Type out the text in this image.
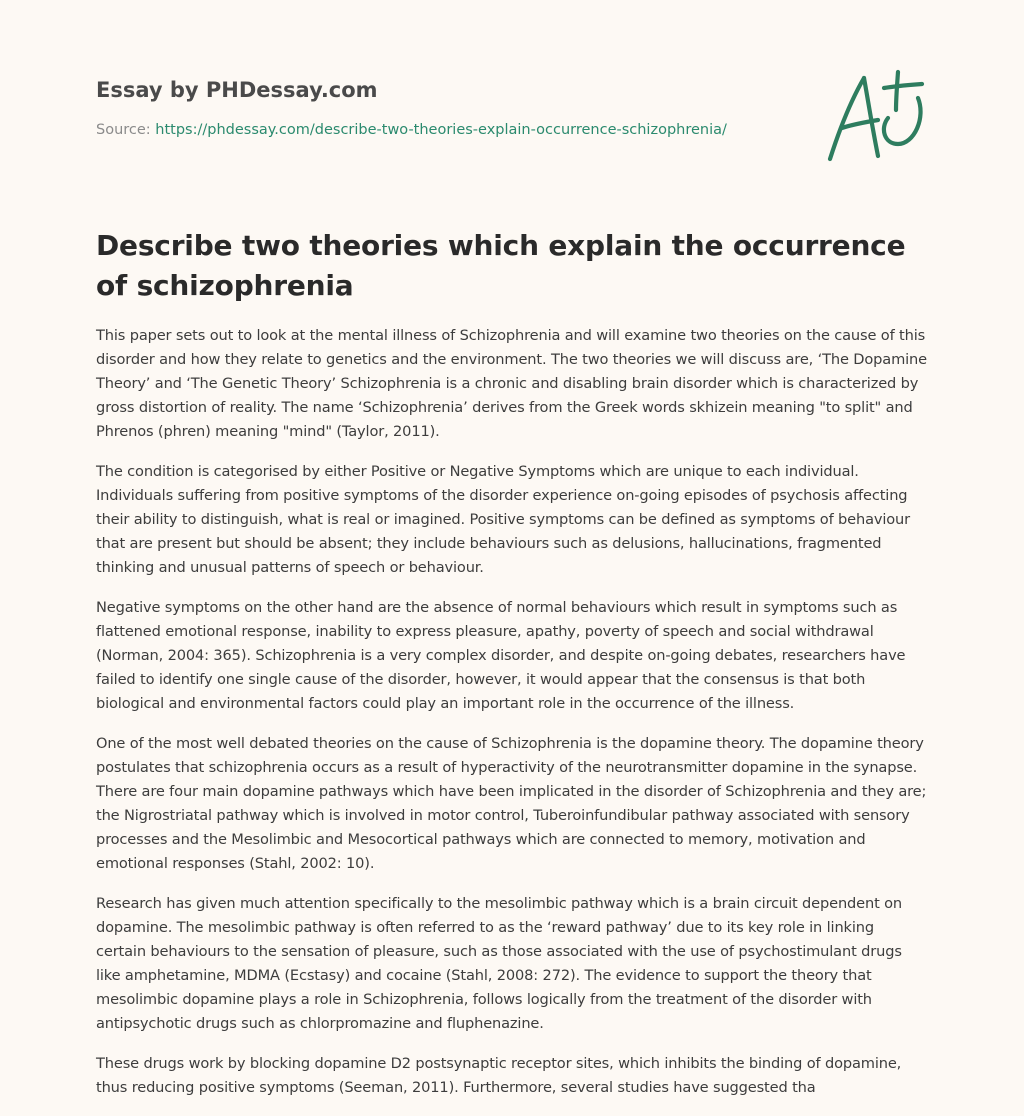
Essay by PHDessay.com

Source: https://phdessay.com/describe-two-theories-explain-occurrence-schizophrenia/
Describe two theories which explain the occurrence of schizophrenia

This paper sets out to look at the mental illness of Schizophrenia and will examine two theories on the cause of this disorder and how they relate to genetics and the environment. The two theories we will discuss are, ‘The Dopamine Theory’ and ‘The Genetic Theory’ Schizophrenia is a chronic and disabling brain disorder which is characterized by gross distortion of reality. The name ‘Schizophrenia’ derives from the Greek words skhizein meaning "to split" and Phrenos (phren) meaning "mind" (Taylor, 2011).

The condition is categorised by either Positive or Negative Symptoms which are unique to each individual. Individuals suffering from positive symptoms of the disorder experience on-going episodes of psychosis affecting their ability to distinguish, what is real or imagined. Positive symptoms can be defined as symptoms of behaviour that are present but should be absent; they include behaviours such as delusions, hallucinations, fragmented thinking and unusual patterns of speech or behaviour.

Negative symptoms on the other hand are the absence of normal behaviours which result in symptoms such as flattened emotional response, inability to express pleasure, apathy, poverty of speech and social withdrawal (Norman, 2004: 365). Schizophrenia is a very complex disorder, and despite on-going debates, researchers have failed to identify one single cause of the disorder, however, it would appear that the consensus is that both biological and environmental factors could play an important role in the occurrence of the illness.

One of the most well debated theories on the cause of Schizophrenia is the dopamine theory. The dopamine theory postulates that schizophrenia occurs as a result of hyperactivity of the neurotransmitter dopamine in the synapse. There are four main dopamine pathways which have been implicated in the disorder of Schizophrenia and they are; the Nigrostriatal pathway which is involved in motor control, Tuberoinfundibular pathway associated with sensory processes and the Mesolimbic and Mesocortical pathways which are connected to memory, motivation and emotional responses (Stahl, 2002: 10).

Research has given much attention specifically to the mesolimbic pathway which is a brain circuit dependent on dopamine. The mesolimbic pathway is often referred to as the ‘reward pathway’ due to its key role in linking certain behaviours to the sensation of pleasure, such as those associated with the use of psychostimulant drugs like amphetamine, MDMA (Ecstasy) and cocaine (Stahl, 2008: 272). The evidence to support the theory that mesolimbic dopamine plays a role in Schizophrenia, follows logically from the treatment of the disorder with antipsychotic drugs such as chlorpromazine and fluphenazine.

These drugs work by blocking dopamine D2 postsynaptic receptor sites, which inhibits the binding of dopamine, thus reducing positive symptoms (Seeman, 2011). Furthermore, several studies have suggested tha
